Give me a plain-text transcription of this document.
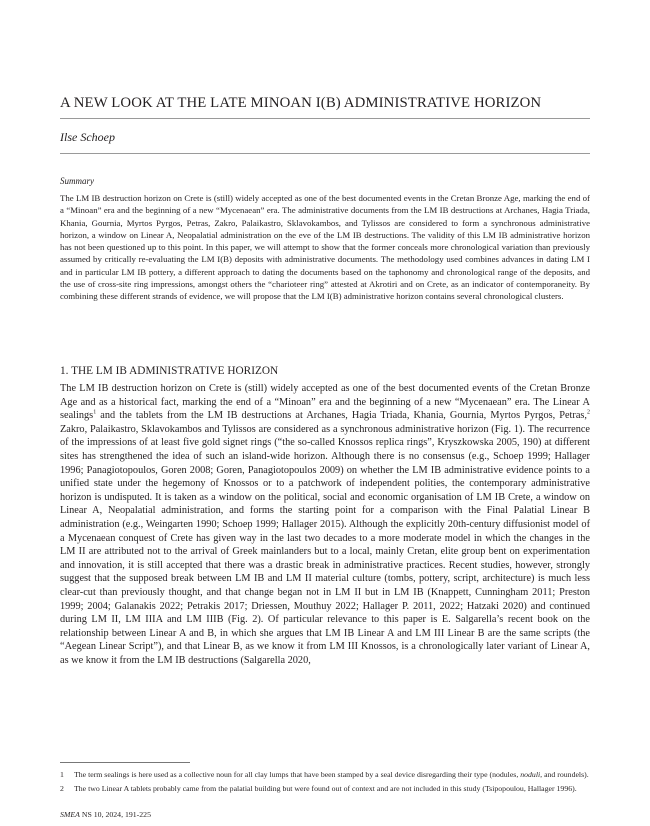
A NEW LOOK AT THE LATE MINOAN I(B) ADMINISTRATIVE HORIZON
Ilse Schoep
Summary

The LM IB destruction horizon on Crete is (still) widely accepted as one of the best documented events in the Cretan Bronze Age, marking the end of a “Minoan” era and the beginning of a new “Mycenaean” era. The administrative documents from the LM IB destructions at Archanes, Hagia Triada, Khania, Gournia, Myrtos Pyrgos, Petras, Zakro, Palaikastro, Sklavokambos, and Tylissos are considered to form a synchronous administrative horizon, a window on Linear A, Neopalatial administration on the eve of the LM IB destructions. The validity of this LM IB administrative horizon has not been questioned up to this point. In this paper, we will attempt to show that the former conceals more chronological variation than previously assumed by critically re-evaluating the LM I(B) deposits with administrative documents. The methodology used combines advances in dating LM I and in particular LM IB pottery, a different approach to dating the documents based on the taphonomy and chronological range of the deposits, and the use of cross-site ring impressions, amongst others the “charioteer ring” attested at Akrotiri and on Crete, as an indicator of contemporaneity. By combining these different strands of evidence, we will propose that the LM I(B) administrative horizon contains several chronological clusters.

1. THE LM IB ADMINISTRATIVE HORIZON

The LM IB destruction horizon on Crete is (still) widely accepted as one of the best documented events of the Cretan Bronze Age and as a historical fact, marking the end of a “Minoan” era and the beginning of a new “Mycenaean” era. The Linear A sealings$^1$ and the tablets from the LM IB destructions at Archanes, Hagia Triada, Khania, Gournia, Myrtos Pyrgos, Petras,$^2$ Zakro, Palaikastro, Sklavokambos and Tylissos are considered as a synchronous administrative horizon (Fig. 1). The recurrence of the impressions of at least five gold signet rings (“the so-called Knossos replica rings”, Kryszkowska 2005, 190) at different sites has strengthened the idea of such an island-wide horizon. Although there is no consensus (e.g., Schoep 1999; Hallager 1996; Panagiotopoulos, Goren 2008; Goren, Panagiotopoulos 2009) on whether the LM IB administrative evidence points to a unified state under the hegemony of Knossos or to a patchwork of independent polities, the contemporary administrative horizon is undisputed. It is taken as a window on the political, social and economic organisation of LM IB Crete, a window on Linear A, Neopalatial administration, and forms the starting point for a comparison with the Final Palatial Linear B administration (e.g., Weingarten 1990; Schoep 1999; Hallager 2015). Although the explicitly 20th-century diffusionist model of a Mycenaean conquest of Crete has given way in the last two decades to a more moderate model in which the changes in the LM II are attributed not to the arrival of Greek mainlanders but to a local, mainly Cretan, elite group bent on experimentation and innovation, it is still accepted that there was a drastic break in administrative practices. Recent studies, however, strongly suggest that the supposed break between LM IB and LM II material culture (tombs, pottery, script, architecture) is much less clear-cut than previously thought, and that change began not in LM II but in LM IB (Knappett, Cunningham 2011; Preston 1999; 2004; Galanakis 2022; Petrakis 2017; Driessen, Mouthuy 2022; Hallager P. 2011, 2022; Hatzaki 2020) and continued during LM II, LM IIIA and LM IIIB (Fig. 2). Of particular relevance to this paper is E. Salgarella’s recent book on the relationship between Linear A and B, in which she argues that LM IB Linear A and LM III Linear B are the same scripts (the “Aegean Linear Script”), and that Linear B, as we know it from LM III Knossos, is a chronologically later variant of Linear A, as we know it from the LM IB destructions (Salgarella 2020,

1 The term sealings is here used as a collective noun for all clay lumps that have been stamped by a seal device disregarding their type (nodules, noduli, and roundels).

2 The two Linear A tablets probably came from the palatial building but were found out of context and are not included in this study (Tsipopoulou, Hallager 1996).

SMEA NS 10, 2024, 191-225
